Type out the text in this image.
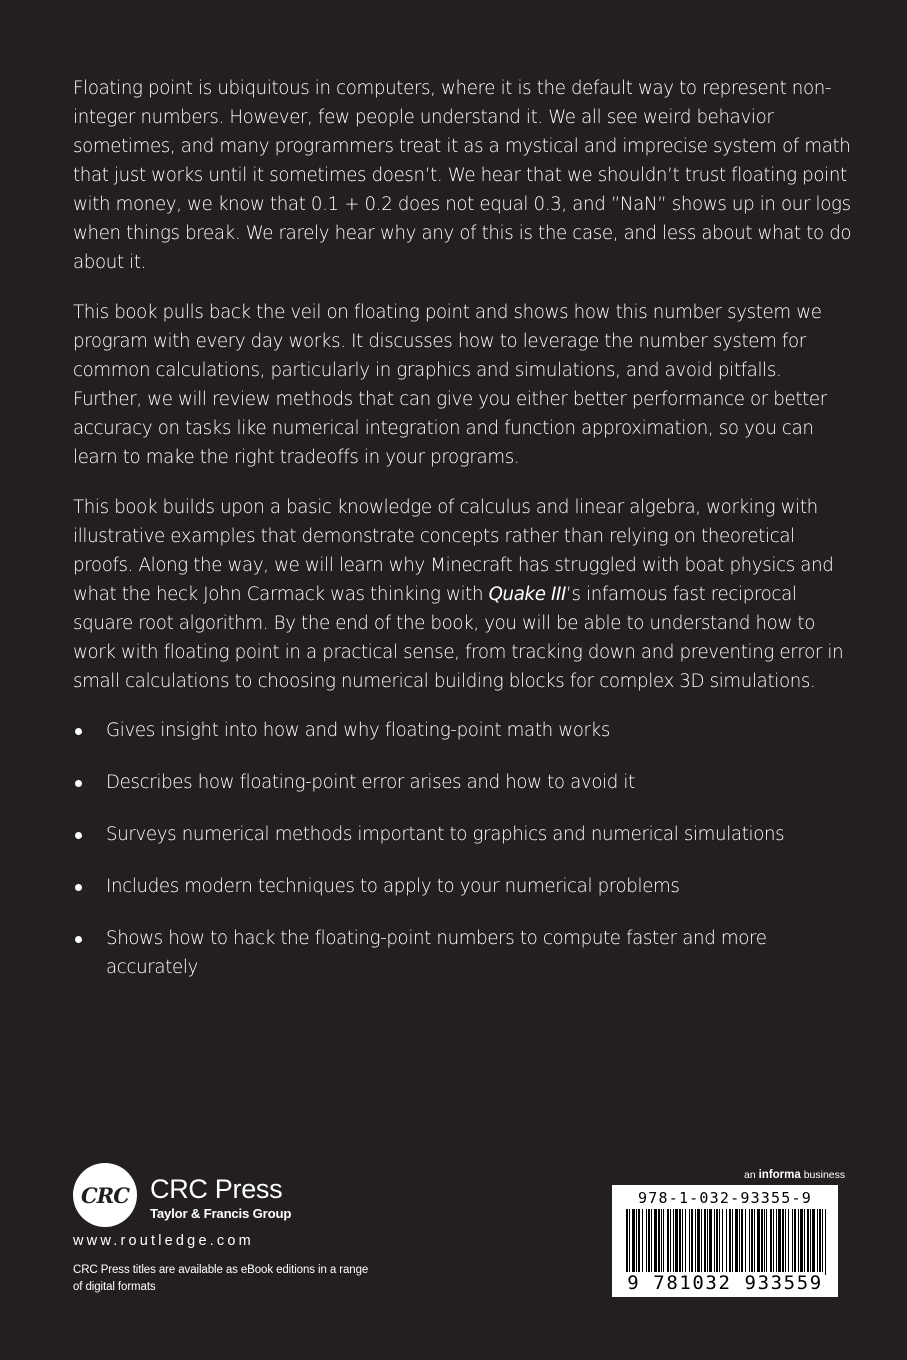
Floating point is ubiquitous in computers, where it is the default way to represent non-integer numbers. However, few people understand it. We all see weird behavior sometimes, and many programmers treat it as a mystical and imprecise system of math that just works until it sometimes doesn’t. We hear that we shouldn’t trust floating point with money, we know that 0.1 + 0.2 does not equal 0.3, and ”NaN” shows up in our logs when things break. We rarely hear why any of this is the case, and less about what to do about it.

This book pulls back the veil on floating point and shows how this number system we program with every day works. It discusses how to leverage the number system for common calculations, particularly in graphics and simulations, and avoid pitfalls. Further, we will review methods that can give you either better performance or better accuracy on tasks like numerical integration and function approximation, so you can learn to make the right tradeoffs in your programs.

This book builds upon a basic knowledge of calculus and linear algebra, working with illustrative examples that demonstrate concepts rather than relying on theoretical proofs. Along the way, we will learn why Minecraft has struggled with boat physics and what the heck John Carmack was thinking with Quake III’s infamous fast reciprocal square root algorithm. By the end of the book, you will be able to understand how to work with floating point in a practical sense, from tracking down and preventing error in small calculations to choosing numerical building blocks for complex 3D simulations.

Gives insight into how and why floating-point math works
Describes how floating-point error arises and how to avoid it
Surveys numerical methods important to graphics and numerical simulations
Includes modern techniques to apply to your numerical problems
Shows how to hack the floating-point numbers to compute faster and more accurately
CRC CRC Press
Taylor & Francis Group
www.routledge.com
CRC Press titles are available as eBook editions in a range of digital formats
an informa business
978-1-032-93355-9
9 781032 933559
